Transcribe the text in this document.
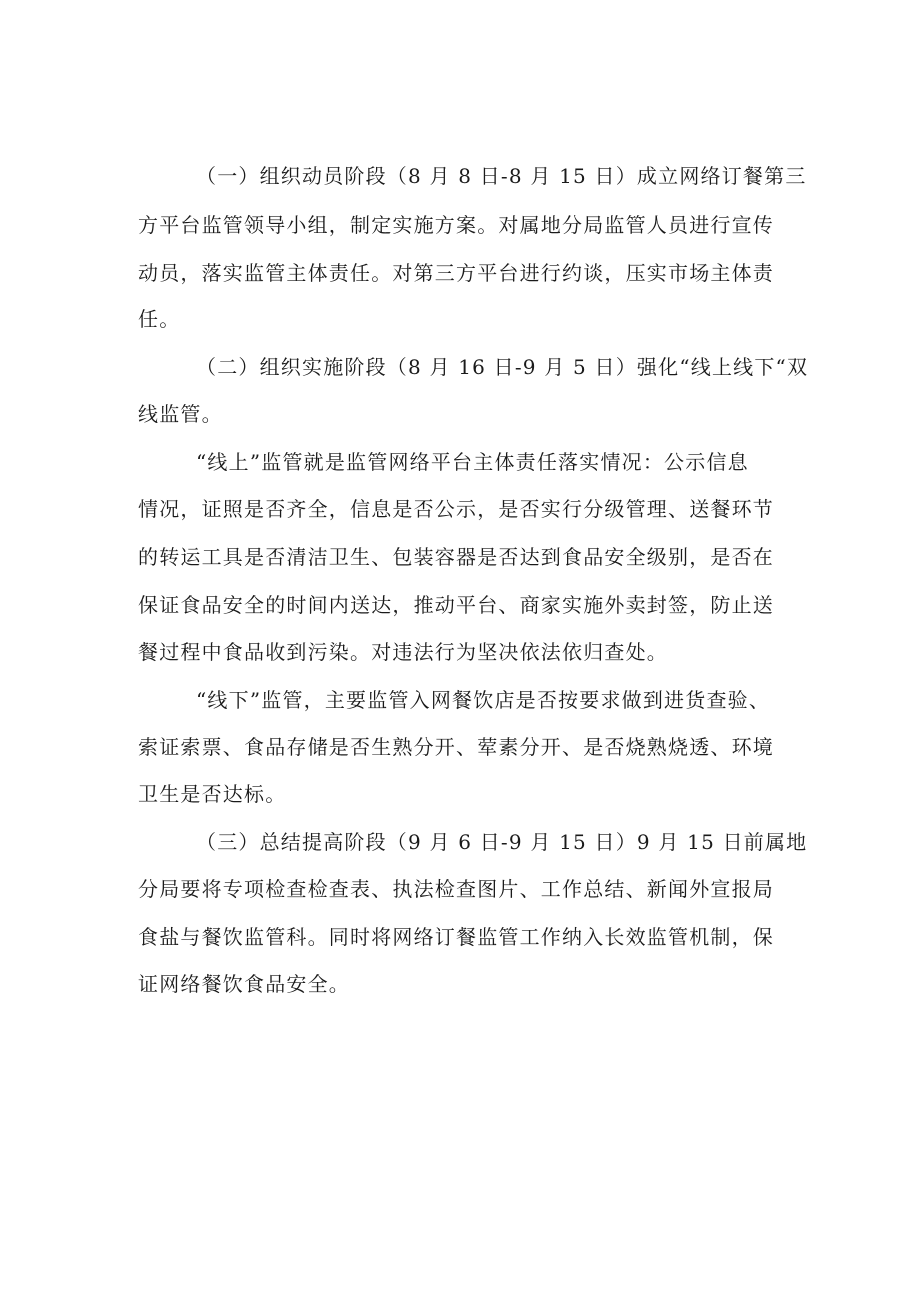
（一）组织动员阶段（8 月 8 日-8 月 15 日）成立网络订餐第三
方平台监管领导小组，制定实施方案。对属地分局监管人员进行宣传
动员，落实监管主体责任。对第三方平台进行约谈，压实市场主体责
任。
（二）组织实施阶段（8 月 16 日-9 月 5 日）强化“线上线下“双
线监管。
“线上”监管就是监管网络平台主体责任落实情况：公示信息
情况，证照是否齐全，信息是否公示，是否实行分级管理、送餐环节
的转运工具是否清洁卫生、包装容器是否达到食品安全级别，是否在
保证食品安全的时间内送达，推动平台、商家实施外卖封签，防止送
餐过程中食品收到污染。对违法行为坚决依法依归查处。
“线下”监管，主要监管入网餐饮店是否按要求做到进货查验、
索证索票、食品存储是否生熟分开、荤素分开、是否烧熟烧透、环境
卫生是否达标。
（三）总结提高阶段（9 月 6 日-9 月 15 日）9 月 15 日前属地
分局要将专项检查检查表、执法检查图片、工作总结、新闻外宣报局
食盐与餐饮监管科。同时将网络订餐监管工作纳入长效监管机制，保
证网络餐饮食品安全。
